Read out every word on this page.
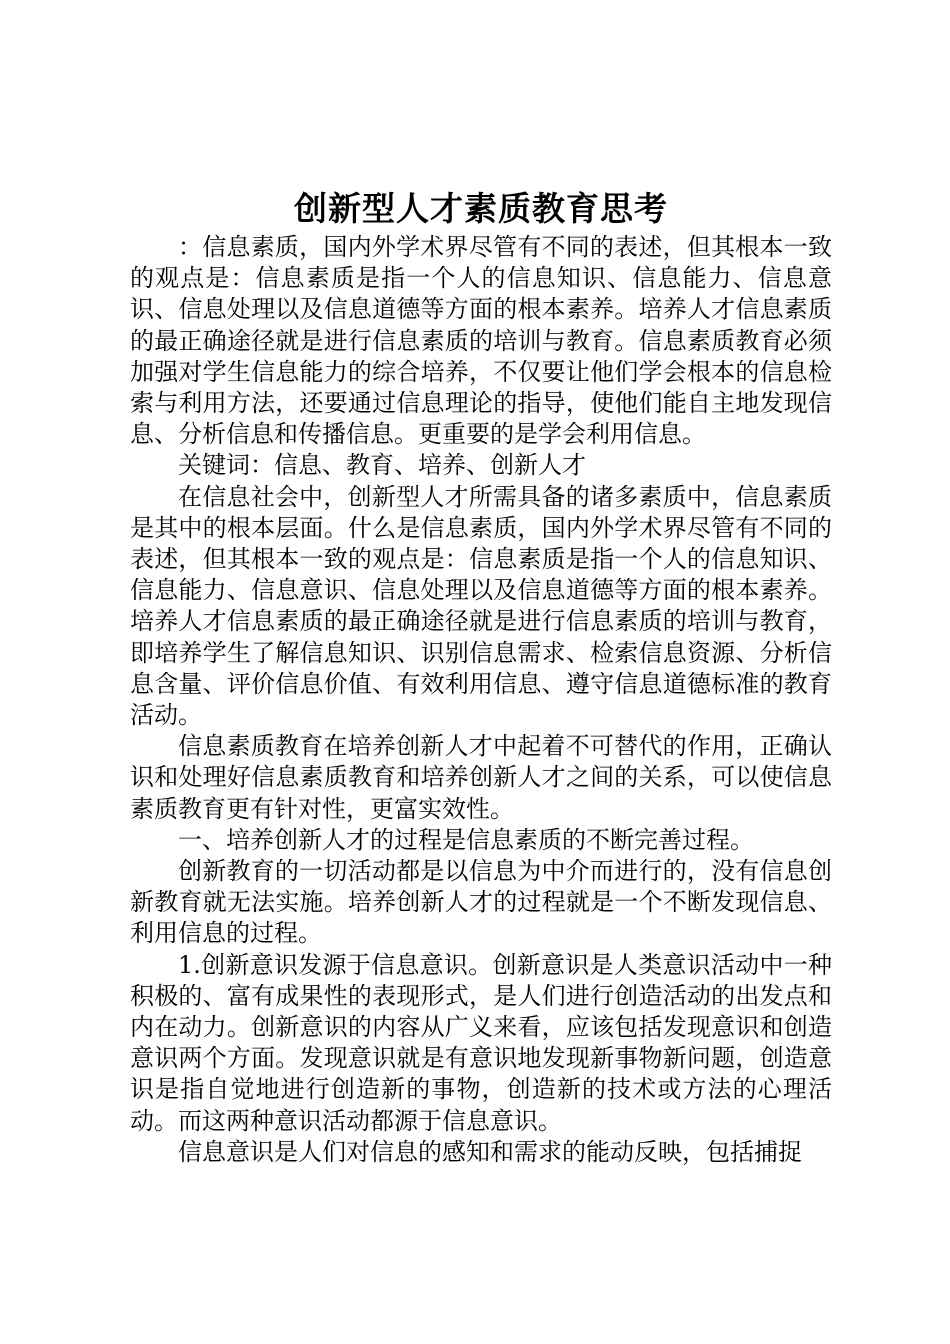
创新型人才素质教育思考

：信息素质，国内外学术界尽管有不同的表述，但其根本一致的观点是：信息素质是指一个人的信息知识、信息能力、信息意识、信息处理以及信息道德等方面的根本素养。培养人才信息素质的最正确途径就是进行信息素质的培训与教育。信息素质教育必须加强对学生信息能力的综合培养，不仅要让他们学会根本的信息检索与利用方法，还要通过信息理论的指导，使他们能自主地发现信息、分析信息和传播信息。更重要的是学会利用信息。

关键词：信息、教育、培养、创新人才

在信息社会中，创新型人才所需具备的诸多素质中，信息素质是其中的根本层面。什么是信息素质，国内外学术界尽管有不同的表述，但其根本一致的观点是：信息素质是指一个人的信息知识、信息能力、信息意识、信息处理以及信息道德等方面的根本素养。培养人才信息素质的最正确途径就是进行信息素质的培训与教育，即培养学生了解信息知识、识别信息需求、检索信息资源、分析信息含量、评价信息价值、有效利用信息、遵守信息道德标准的教育活动。

信息素质教育在培养创新人才中起着不可替代的作用，正确认识和处理好信息素质教育和培养创新人才之间的关系，可以使信息素质教育更有针对性，更富实效性。

一、培养创新人才的过程是信息素质的不断完善过程。

创新教育的一切活动都是以信息为中介而进行的，没有信息创新教育就无法实施。培养创新人才的过程就是一个不断发现信息、利用信息的过程。

1.创新意识发源于信息意识。创新意识是人类意识活动中一种积极的、富有成果性的表现形式，是人们进行创造活动的出发点和内在动力。创新意识的内容从广义来看，应该包括发现意识和创造意识两个方面。发现意识就是有意识地发现新事物新问题，创造意识是指自觉地进行创造新的事物，创造新的技术或方法的心理活动。而这两种意识活动都源于信息意识。

信息意识是人们对信息的感知和需求的能动反映，包括捕捉
